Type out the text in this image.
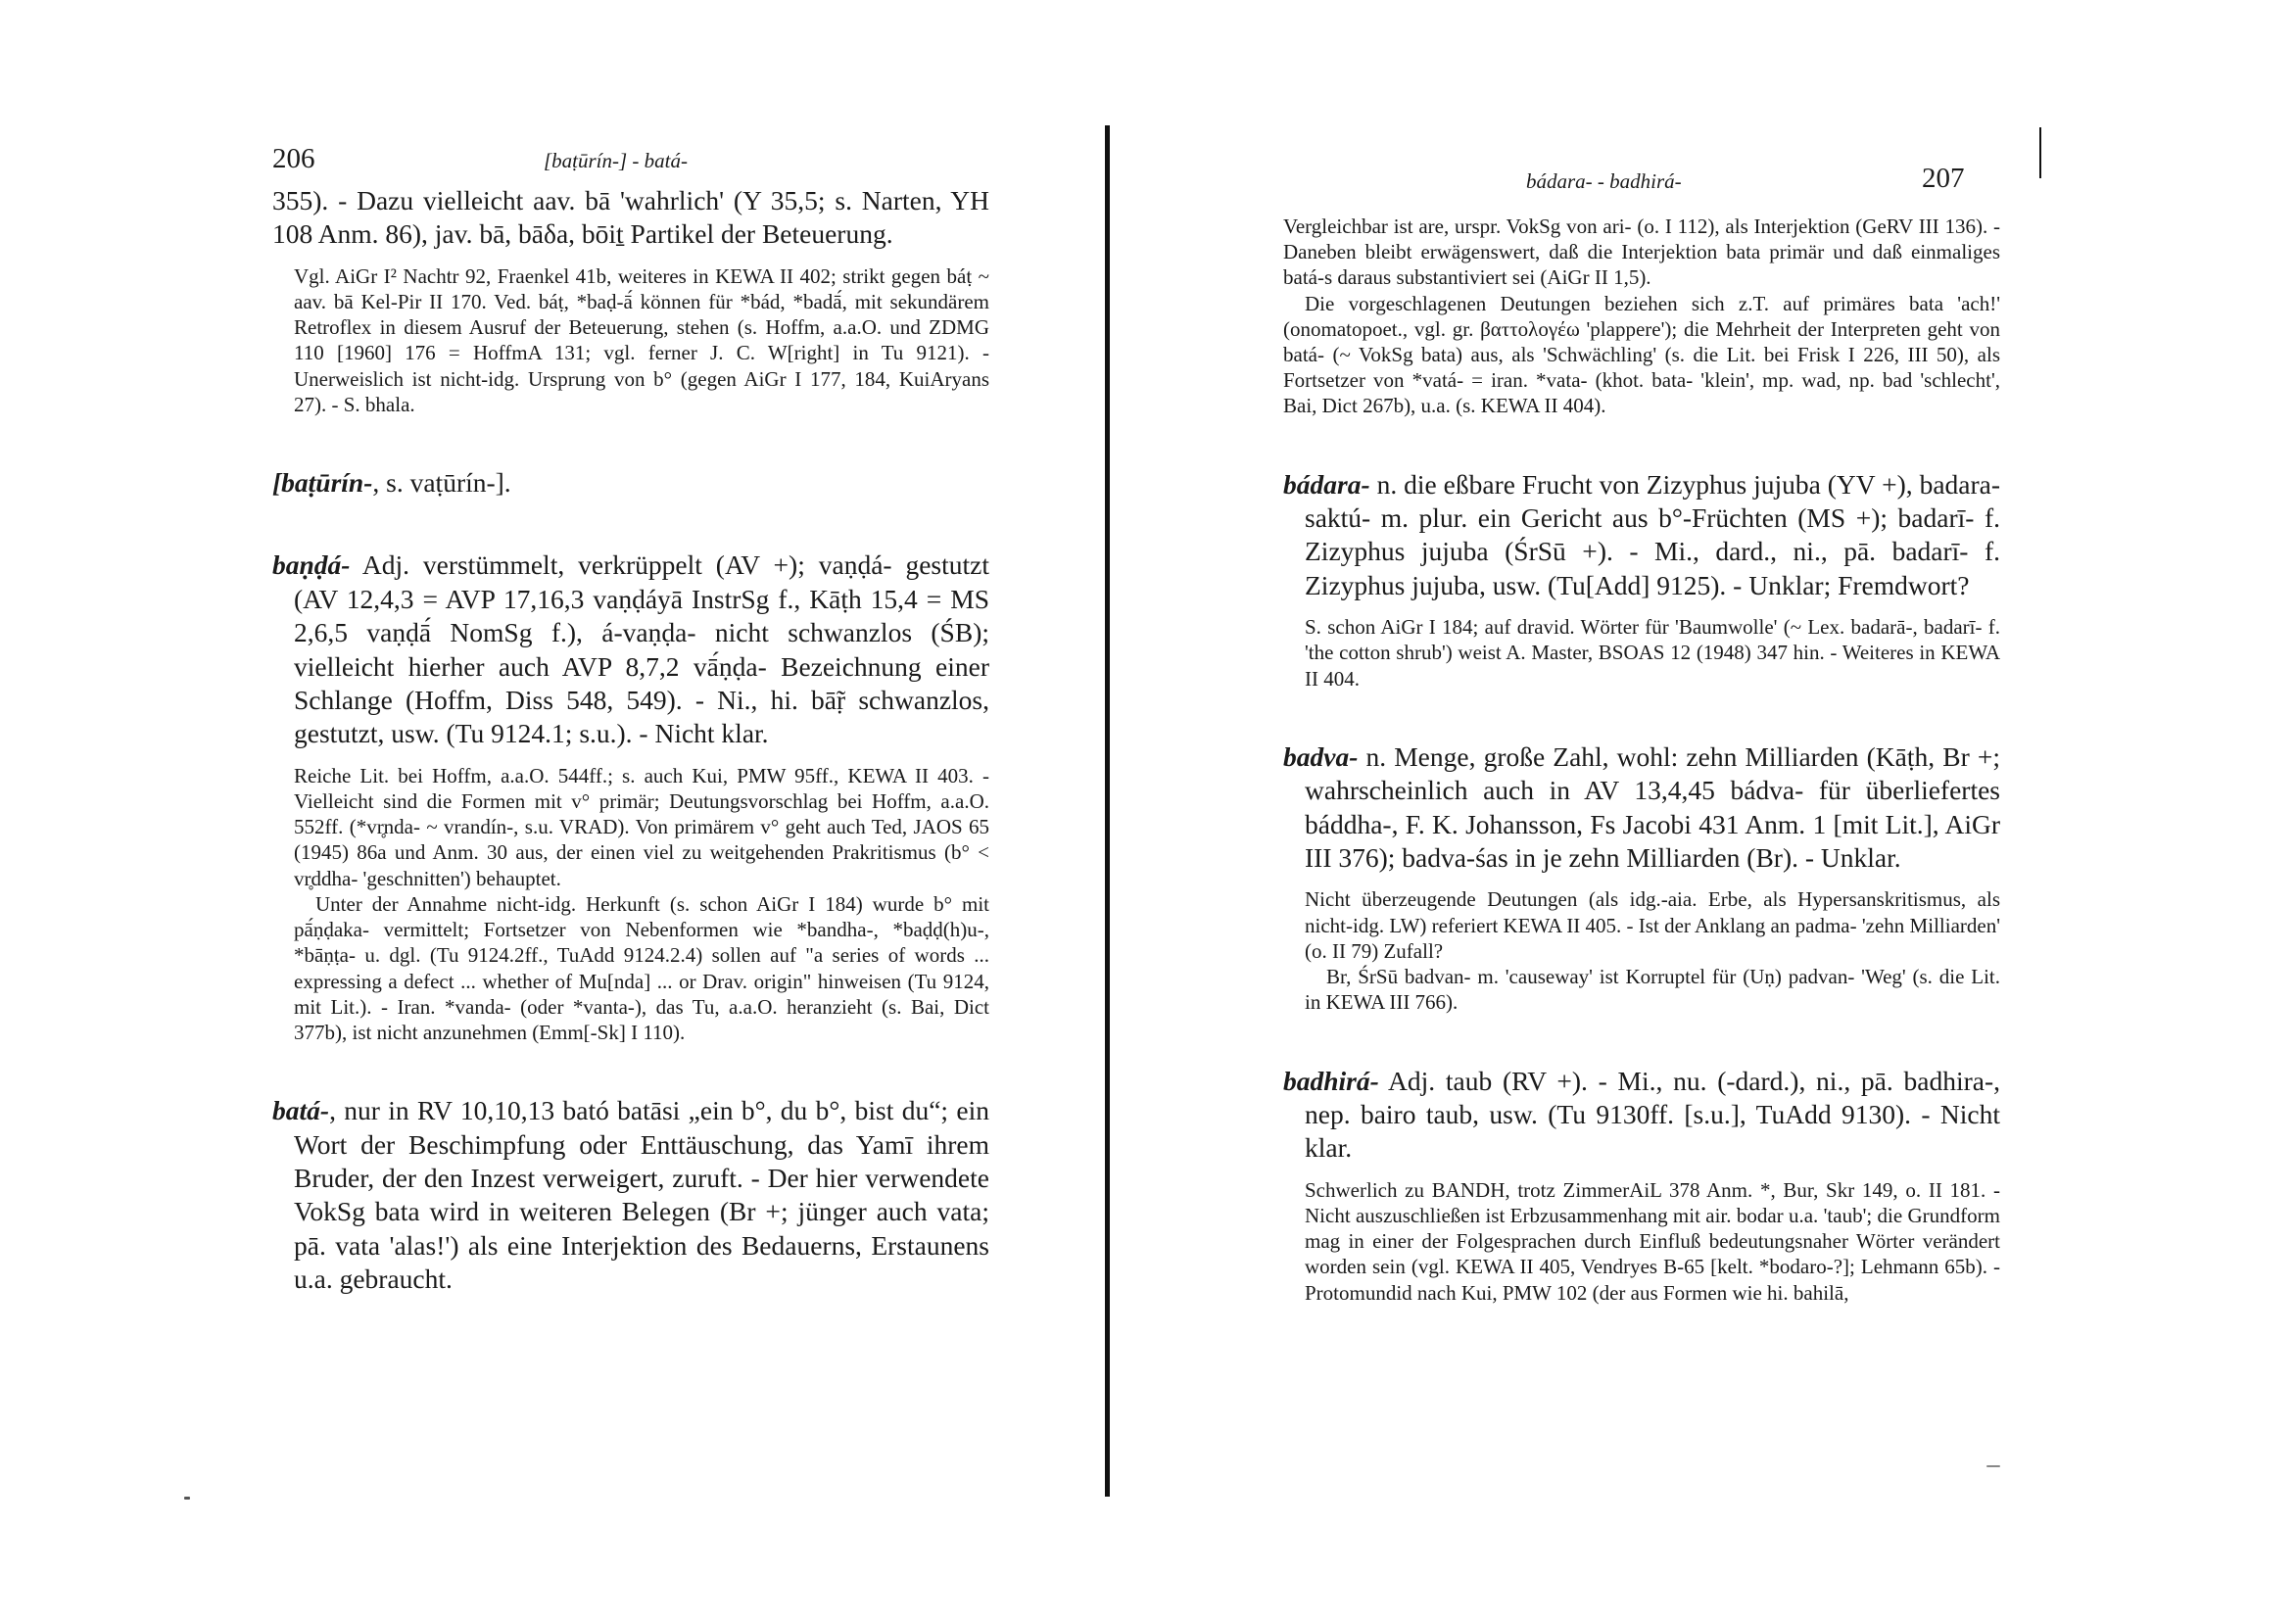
206	[baṭūrín-] - batá-

355). - Dazu vielleicht aav. bā 'wahrlich' (Y 35,5; s. Narten, YH 108 Anm. 86), jav. bā, bāδa, bōiṯ Partikel der Beteuerung.

Vgl. AiGr I² Nachtr 92, Fraenkel 41b, weiteres in KEWA II 402; strikt gegen báṭ ~ aav. bā Kel-Pir II 170. Ved. báṭ, *baḍ-ā́ können für *bád, *badā́, mit sekundärem Retroflex in diesem Ausruf der Beteuerung, stehen (s. Hoffm, a.a.O. und ZDMG 110 [1960] 176 = HoffmA 131; vgl. ferner J. C. W[right] in Tu 9121). - Unerweislich ist nicht-idg. Ursprung von b° (gegen AiGr I 177, 184, KuiAryans 27). - S. bhala.

[baṭūrín-, s. vaṭūrín-].

baṇḍá- Adj. verstümmelt, verkrüppelt (AV +); vaṇḍá- gestutzt (AV 12,4,3 = AVP 17,16,3 vaṇḍáyā InstrSg f., Kāṭh 15,4 = MS 2,6,5 vaṇḍā́ NomSg f.), á-vaṇḍa- nicht schwanzlos (ŚB); vielleicht hierher auch AVP 8,7,2 vā́ṇḍa- Bezeichnung einer Schlange (Hoffm, Diss 548, 549). - Ni., hi. bā̃ṛ schwanzlos, gestutzt, usw. (Tu 9124.1; s.u.). - Nicht klar.

Reiche Lit. bei Hoffm, a.a.O. 544ff.; s. auch Kui, PMW 95ff., KEWA II 403. - Vielleicht sind die Formen mit v° primär; Deutungsvorschlag bei Hoffm, a.a.O. 552ff. (*vr̥nda- ~ vrandín-, s.u. VRAD). Von primärem v° geht auch Ted, JAOS 65 (1945) 86a und Anm. 30 aus, der einen viel zu weitgehenden Prakritismus (b° < vr̥ddha- 'geschnitten') behauptet.

Unter der Annahme nicht-idg. Herkunft (s. schon AiGr I 184) wurde b° mit pā́ṇḍaka- vermittelt; Fortsetzer von Nebenformen wie *bandha-, *baḍḍ(h)u-, *bāṇṭa- u. dgl. (Tu 9124.2ff., TuAdd 9124.2.4) sollen auf "a series of words ... expressing a defect ... whether of Mu[nda] ... or Drav. origin" hinweisen (Tu 9124, mit Lit.). - Iran. *vanda- (oder *vanta-), das Tu, a.a.O. heranzieht (s. Bai, Dict 377b), ist nicht anzunehmen (Emm[-Sk] I 110).

batá-, nur in RV 10,10,13 bató batāsi „ein b°, du b°, bist du“; ein Wort der Beschimpfung oder Enttäuschung, das Yamī ihrem Bruder, der den Inzest verweigert, zuruft. - Der hier verwendete VokSg bata wird in weiteren Belegen (Br +; jünger auch vata; pā. vata 'alas!') als eine Interjektion des Bedauerns, Erstaunens u.a. gebraucht.

bádara- - badhirá-	207

Vergleichbar ist are, urspr. VokSg von ari- (o. I 112), als Interjektion (GeRV III 136). - Daneben bleibt erwägenswert, daß die Interjektion bata primär und daß einmaliges batá-s daraus substantiviert sei (AiGr II 1,5).

Die vorgeschlagenen Deutungen beziehen sich z.T. auf primäres bata 'ach!' (onomatopoet., vgl. gr. βαττολογέω 'plappere'); die Mehrheit der Interpreten geht von batá- (~ VokSg bata) aus, als 'Schwächling' (s. die Lit. bei Frisk I 226, III 50), als Fortsetzer von *vatá- = iran. *vata- (khot. bata- 'klein', mp. wad, np. bad 'schlecht', Bai, Dict 267b), u.a. (s. KEWA II 404).

bádara- n. die eßbare Frucht von Zizyphus jujuba (YV +), badara-saktú- m. plur. ein Gericht aus b°-Früchten (MS +); badarī- f. Zizyphus jujuba (ŚrSū +). - Mi., dard., ni., pā. badarī- f. Zizyphus jujuba, usw. (Tu[Add] 9125). - Unklar; Fremdwort?

S. schon AiGr I 184; auf dravid. Wörter für 'Baumwolle' (~ Lex. badarā-, badarī- f. 'the cotton shrub') weist A. Master, BSOAS 12 (1948) 347 hin. - Weiteres in KEWA II 404.

badva- n. Menge, große Zahl, wohl: zehn Milliarden (Kāṭh, Br +; wahrscheinlich auch in AV 13,4,45 bádva- für überliefertes báddha-, F. K. Johansson, Fs Jacobi 431 Anm. 1 [mit Lit.], AiGr III 376); badva-śas in je zehn Milliarden (Br). - Unklar.

Nicht überzeugende Deutungen (als idg.-aia. Erbe, als Hypersanskritismus, als nicht-idg. LW) referiert KEWA II 405. - Ist der Anklang an padma- 'zehn Milliarden' (o. II 79) Zufall?

Br, ŚrSū badvan- m. 'causeway' ist Korruptel für (Uṇ) padvan- 'Weg' (s. die Lit. in KEWA III 766).

badhirá- Adj. taub (RV +). - Mi., nu. (-dard.), ni., pā. badhira-, nep. bairo taub, usw. (Tu 9130ff. [s.u.], TuAdd 9130). - Nicht klar.

Schwerlich zu BANDH, trotz ZimmerAiL 378 Anm. *, Bur, Skr 149, o. II 181. - Nicht auszuschließen ist Erbzusammenhang mit air. bodar u.a. 'taub'; die Grundform mag in einer der Folgesprachen durch Einfluß bedeutungsnaher Wörter verändert worden sein (vgl. KEWA II 405, Vendryes B-65 [kelt. *bodaro-?]; Lehmann 65b). - Protomundid nach Kui, PMW 102 (der aus Formen wie hi. bahilā,
